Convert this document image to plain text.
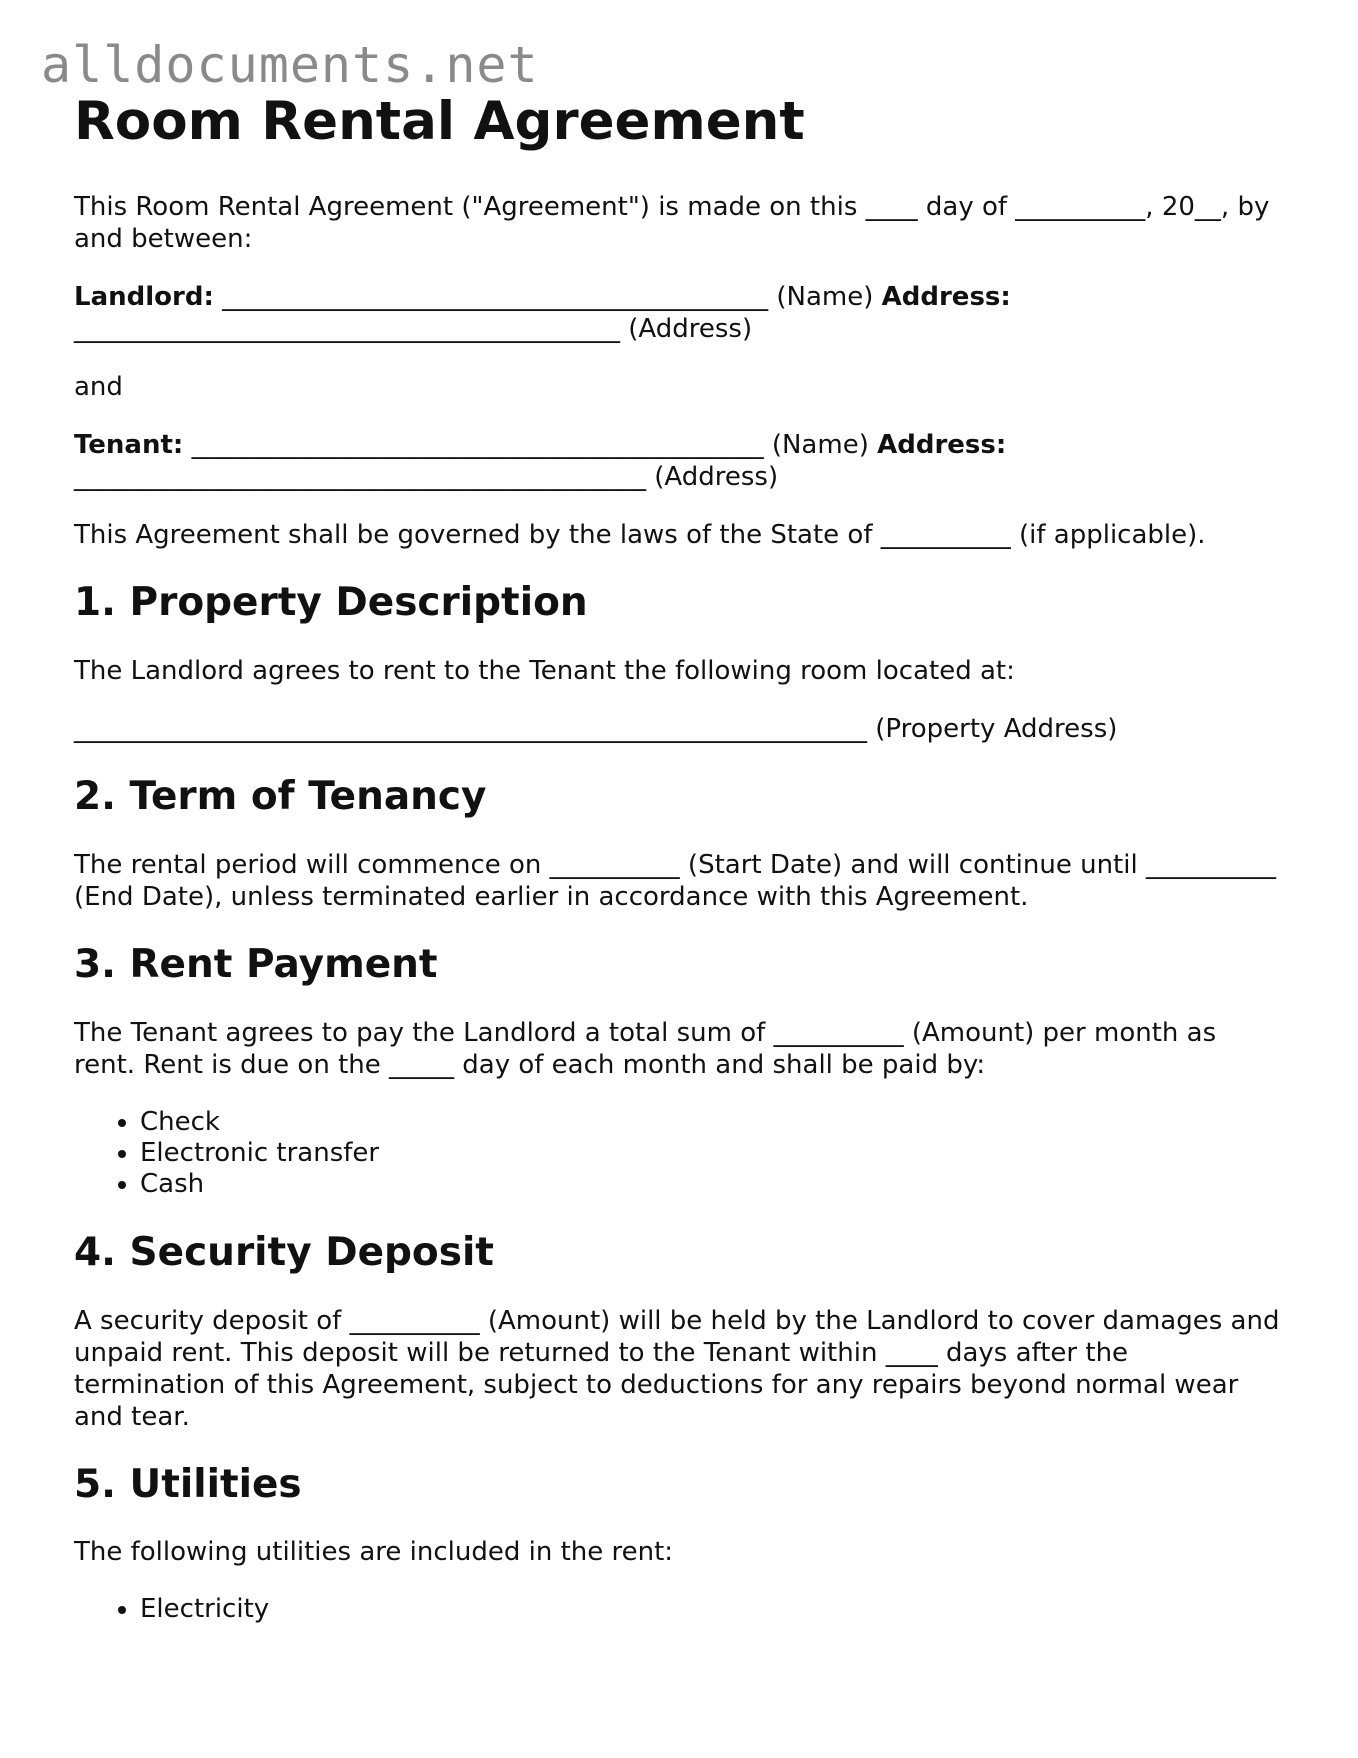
alldocuments.net
Room Rental Agreement

This Room Rental Agreement ("Agreement") is made on this ____ day of __________, 20__, by and between:

Landlord: __________________________________________ (Name) Address: __________________________________________ (Address)

and

Tenant: ____________________________________________ (Name) Address: ____________________________________________ (Address)

This Agreement shall be governed by the laws of the State of __________ (if applicable).

1. Property Description

The Landlord agrees to rent to the Tenant the following room located at:

_____________________________________________________________ (Property Address)

2. Term of Tenancy

The rental period will commence on __________ (Start Date) and will continue until __________ (End Date), unless terminated earlier in accordance with this Agreement.

3. Rent Payment

The Tenant agrees to pay the Landlord a total sum of __________ (Amount) per month as rent. Rent is due on the _____ day of each month and shall be paid by:

• Check
• Electronic transfer
• Cash
4. Security Deposit

A security deposit of __________ (Amount) will be held by the Landlord to cover damages and unpaid rent. This deposit will be returned to the Tenant within ____ days after the termination of this Agreement, subject to deductions for any repairs beyond normal wear and tear.

5. Utilities

The following utilities are included in the rent:

• Electricity
